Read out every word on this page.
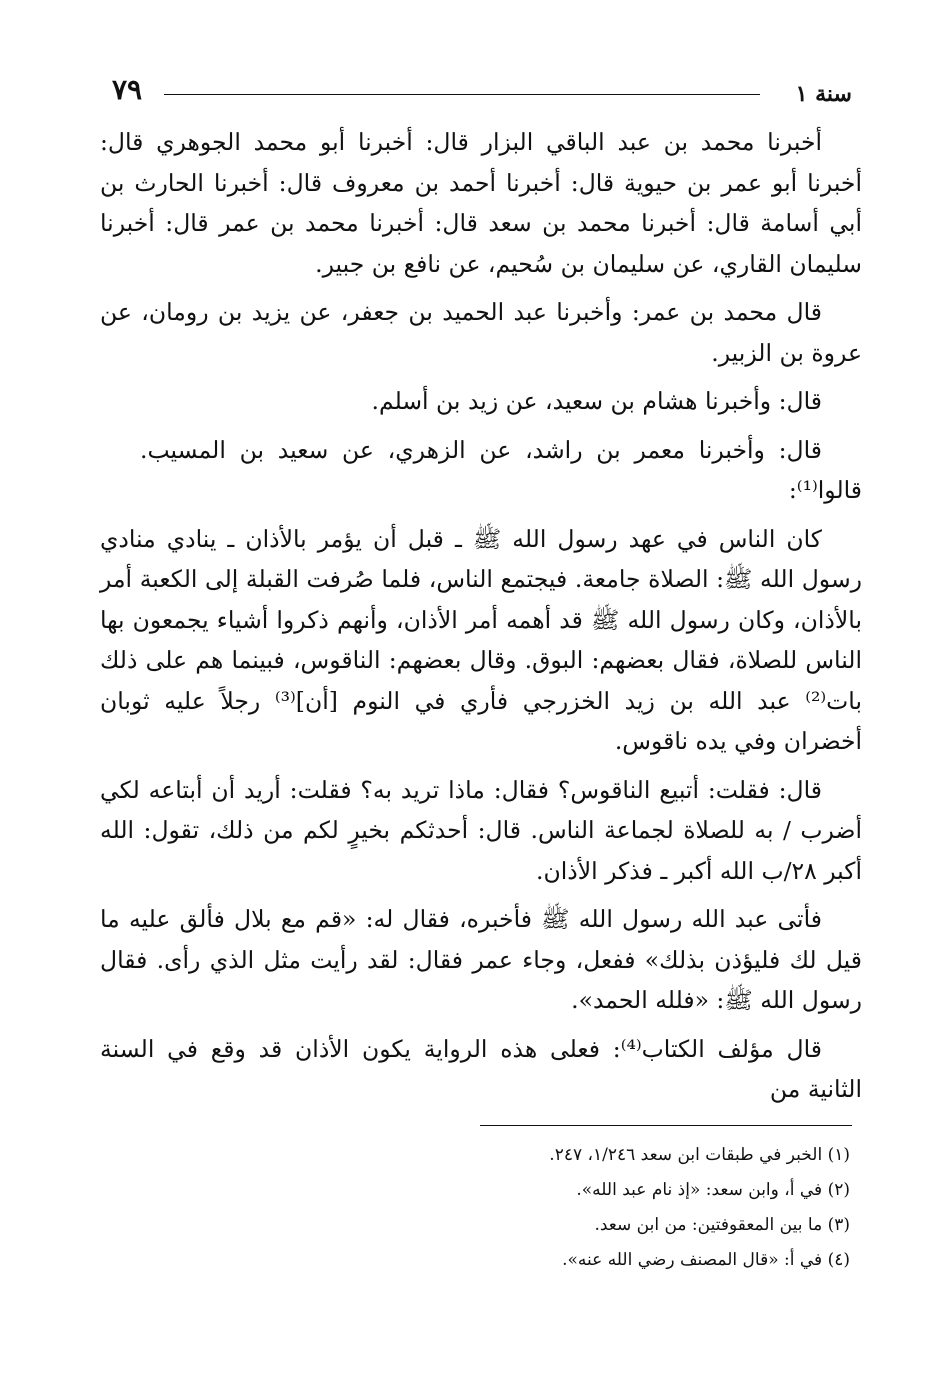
٧٩	سنة ١

أخبرنا محمد بن عبد الباقي البزار قال: أخبرنا أبو محمد الجوهري قال: أخبرنا أبو عمر بن حيوية قال: أخبرنا أحمد بن معروف قال: أخبرنا الحارث بن أبي أسامة قال: أخبرنا محمد بن سعد قال: أخبرنا محمد بن عمر قال: أخبرنا سليمان القاري، عن سليمان بن سُحيم، عن نافع بن جبير.

قال محمد بن عمر: وأخبرنا عبد الحميد بن جعفر، عن يزيد بن رومان، عن عروة بن الزبير.

قال: وأخبرنا هشام بن سعيد، عن زيد بن أسلم.

قال: وأخبرنا معمر بن راشد، عن الزهري، عن سعيد بن المسيب. قالوا⁽¹⁾:

كان الناس في عهد رسول الله ﷺ ـ قبل أن يؤمر بالأذان ـ ينادي منادي رسول الله ﷺ: الصلاة جامعة. فيجتمع الناس، فلما صُرفت القبلة إلى الكعبة أمر بالأذان، وكان رسول الله ﷺ قد أهمه أمر الأذان، وأنهم ذكروا أشياء يجمعون بها الناس للصلاة، فقال بعضهم: البوق. وقال بعضهم: الناقوس، فبينما هم على ذلك بات⁽²⁾ عبد الله بن زيد الخزرجي فأري في النوم [أن]⁽³⁾ رجلاً عليه ثوبان أخضران وفي يده ناقوس.

قال: فقلت: أتبيع الناقوس؟ فقال: ماذا تريد به؟ فقلت: أريد أن أبتاعه لكي أضرب / به للصلاة لجماعة الناس. قال: أحدثكم بخيرٍ لكم من ذلك، تقول: الله أكبر ٢٨/ب الله أكبر ـ فذكر الأذان.

فأتى عبد الله رسول الله ﷺ فأخبره، فقال له: «قم مع بلال فألق عليه ما قيل لك فليؤذن بذلك» ففعل، وجاء عمر فقال: لقد رأيت مثل الذي رأى. فقال رسول الله ﷺ: «فلله الحمد».

قال مؤلف الكتاب⁽⁴⁾: فعلى هذه الرواية يكون الأذان قد وقع في السنة الثانية من

(١) الخبر في طبقات ابن سعد ١/٢٤٦، ٢٤٧.
(٢) في أ، وابن سعد: «إذ نام عبد الله».
(٣) ما بين المعقوفتين: من ابن سعد.
(٤) في أ: «قال المصنف رضي الله عنه».
